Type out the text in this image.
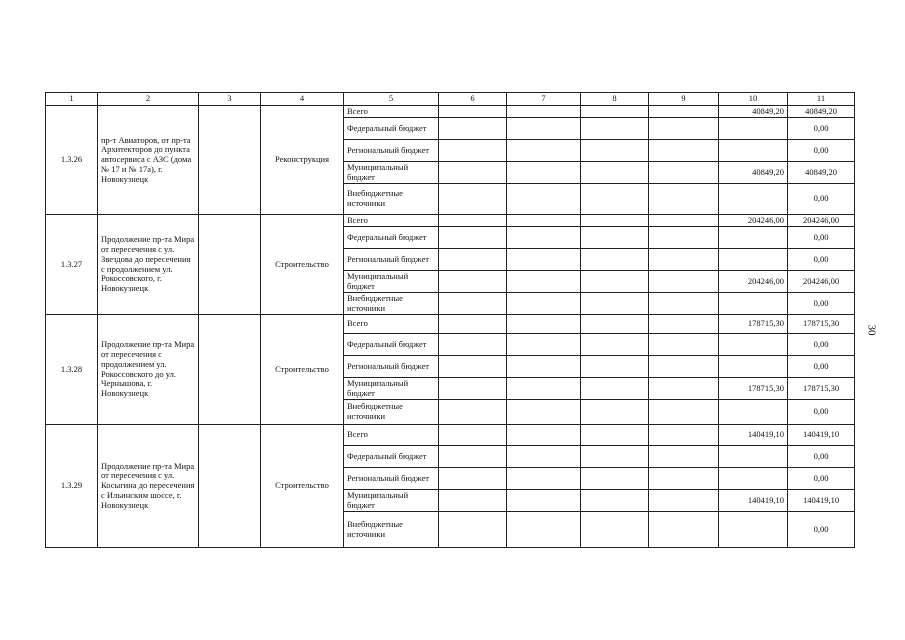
1	2	3	4	5	6	7	8	9	10	11
1.3.26	пр-т Авиаторов, от пр-та Архитекторов до пункта автосервиса с АЗС (дома № 17 и № 17а), г. Новокузнецк		Реконструкция	Всего					40849,20	40849,20
				Федеральный бюджет						0,00
				Региональный бюджет						0,00
				Муниципальный бюджет					40849,20	40849,20
				Внебюджетные источники						0,00
1.3.27	Продолжение пр-та Мира от пересечения с ул. Звездова до пересечения с продолжением ул. Рокоссовского, г. Новокузнецк		Строительство	Всего					204246,00	204246,00
				Федеральный бюджет						0,00
				Региональный бюджет						0,00
				Муниципальный бюджет					204246,00	204246,00
				Внебюджетные источники						0,00
1.3.28	Продолжение пр-та Мира от пересечения с продолжением ул. Рокоссовского до ул. Чернышова, г. Новокузнецк		Строительство	Всего					178715,30	178715,30
				Федеральный бюджет						0,00
				Региональный бюджет						0,00
				Муниципальный бюджет					178715,30	178715,30
				Внебюджетные источники						0,00
1.3.29	Продолжение пр-та Мира от пересечения с ул. Косыгина до пересечения с Ильинским шоссе, г. Новокузнецк		Строительство	Всего					140419,10	140419,10
				Федеральный бюджет						0,00
				Региональный бюджет						0,00
				Муниципальный бюджет					140419,10	140419,10
				Внебюджетные источники						0,00
30
